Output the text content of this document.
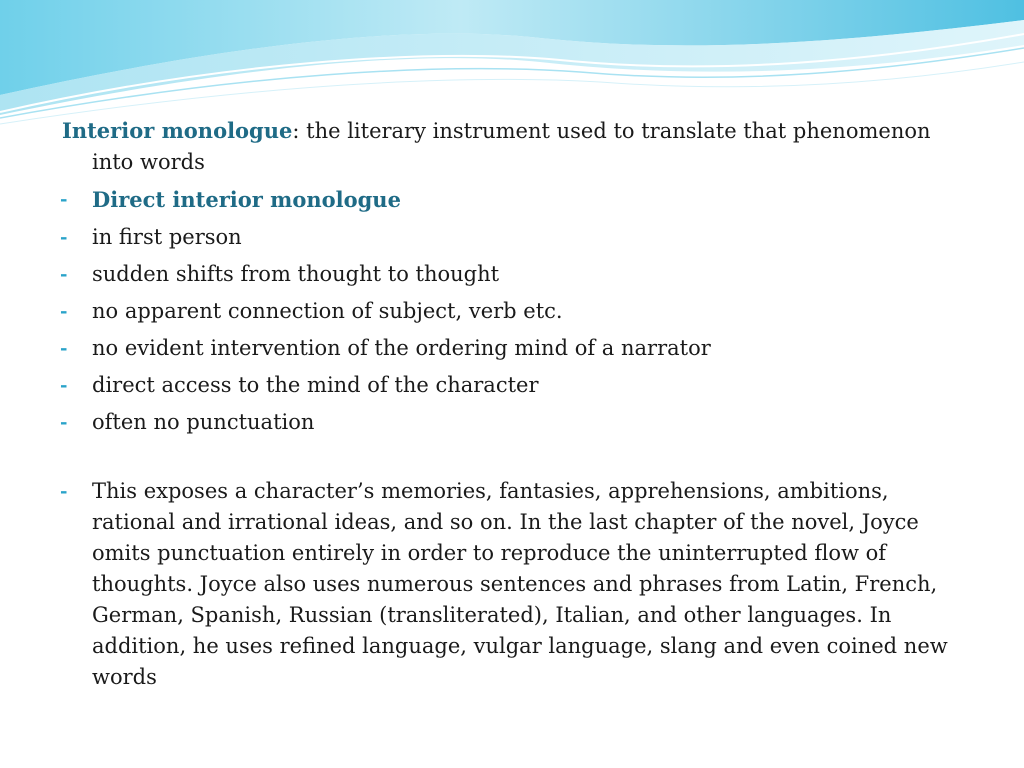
Interior monologue: the literary instrument used to translate that phenomenon into words

- Direct interior monologue
- in first person
- sudden shifts from thought to thought
- no apparent connection of subject, verb etc.
- no evident intervention of the ordering mind of a narrator
- direct access to the mind of the character
- often no punctuation
- This exposes a character’s memories, fantasies, apprehensions, ambitions, rational and irrational ideas, and so on. In the last chapter of the novel, Joyce omits punctuation entirely in order to reproduce the uninterrupted flow of thoughts. Joyce also uses numerous sentences and phrases from Latin, French, German, Spanish, Russian (transliterated), Italian, and other languages. In addition, he uses refined language, vulgar language, slang and even coined new words
